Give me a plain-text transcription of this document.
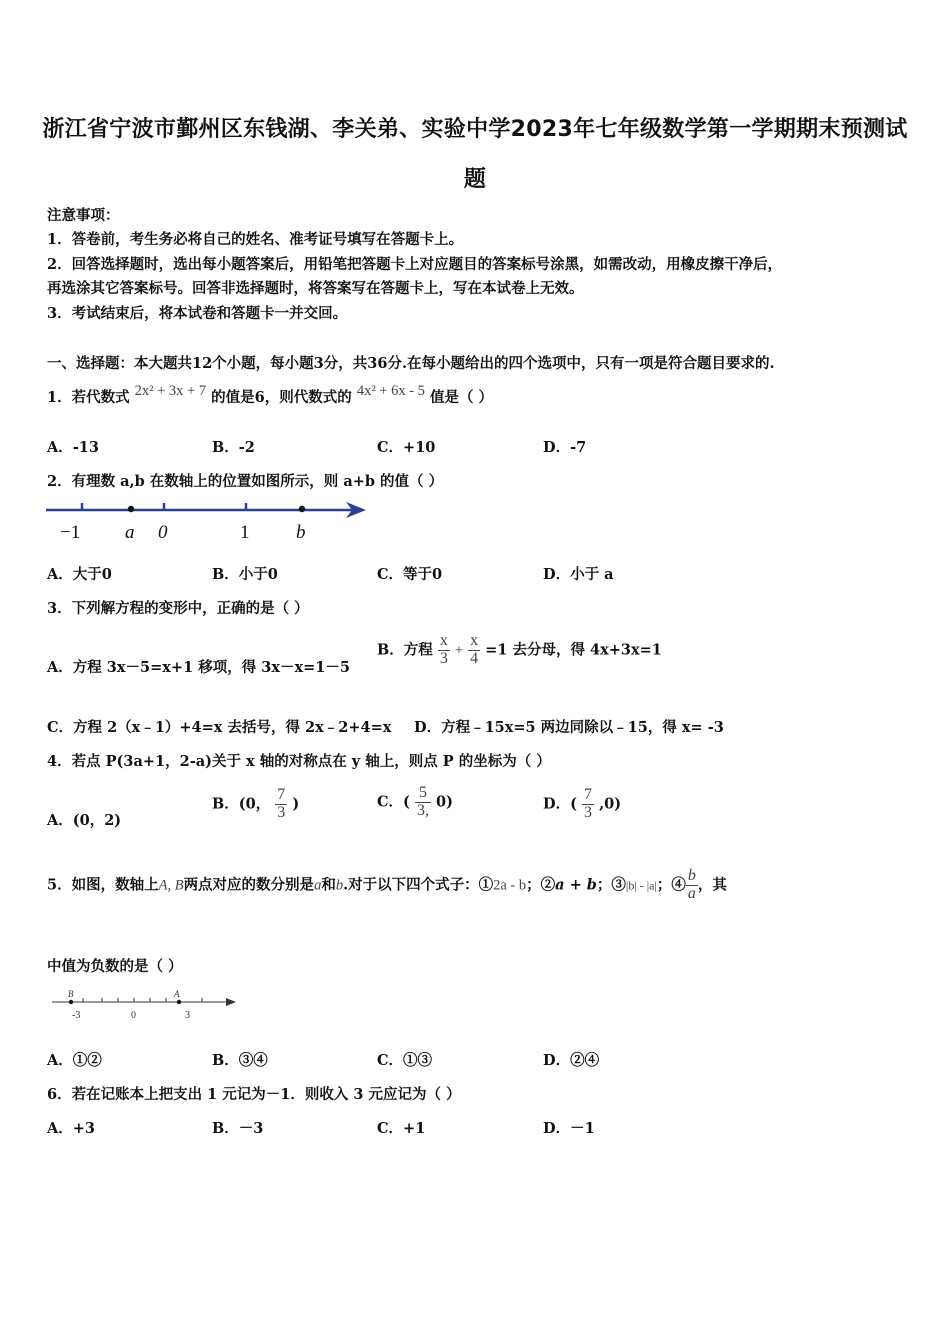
浙江省宁波市鄞州区东钱湖、李关弟、实验中学2023年七年级数学第一学期期末预测试
题
注意事项：
1．答卷前，考生务必将自己的姓名、准考证号填写在答题卡上。
2．回答选择题时，选出每小题答案后，用铅笔把答题卡上对应题目的答案标号涂黑，如需改动，用橡皮擦干净后，
再选涂其它答案标号。回答非选择题时，将答案写在答题卡上，写在本试卷上无效。
3．考试结束后，将本试卷和答题卡一并交回。
一、选择题：本大题共12个小题，每小题3分，共36分.在每小题给出的四个选项中，只有一项是符合题目要求的.
1．若代数式 2x² + 3x + 7 的值是6，则代数式的 4x² + 6x - 5 值是（ ）
A．-13	B．-2	C．+10	D．-7
2．有理数 a,b 在数轴上的位置如图所示，则 a+b 的值（ ）
−1 a 0	1 b
A．大于0	B．小于0	C．等于0	D．小于 a
3．下列解方程的变形中，正确的是（ ）
A．方程 3x－5=x+1 移项，得 3x－x=1－5
B．方程 $\frac{x}{3} + \frac{x}{4} =1$ 去分母，得 4x+3x=1
C．方程 2（x﹣1）+4=x 去括号，得 2x﹣2+4=x D．方程﹣15x=5 两边同除以﹣15，得 x= -3
4．若点 P(3a+1，2-a)关于 x 轴的对称点在 y 轴上，则点 P 的坐标为（ ）
A．(0，2)
B．(0， $\frac{7}{3}$ )	C．( $\frac{5}{3,} 0$)	D．( $\frac{7}{3} ,0$)
5．如图，数轴上A, B两点对应的数分别是a和b.对于以下四个式子：①2a - b；②a + b；③|b| - |a|；④ $\frac{b}{a}$ ，其
中值为负数的是（ ）
B	A
-3	0	3
A．①②	B．③④	C．①③	D．②④
6．若在记账本上把支出 1 元记为－1．则收入 3 元应记为（ ）
A．+3	B．－3	C．+1	D．－1
